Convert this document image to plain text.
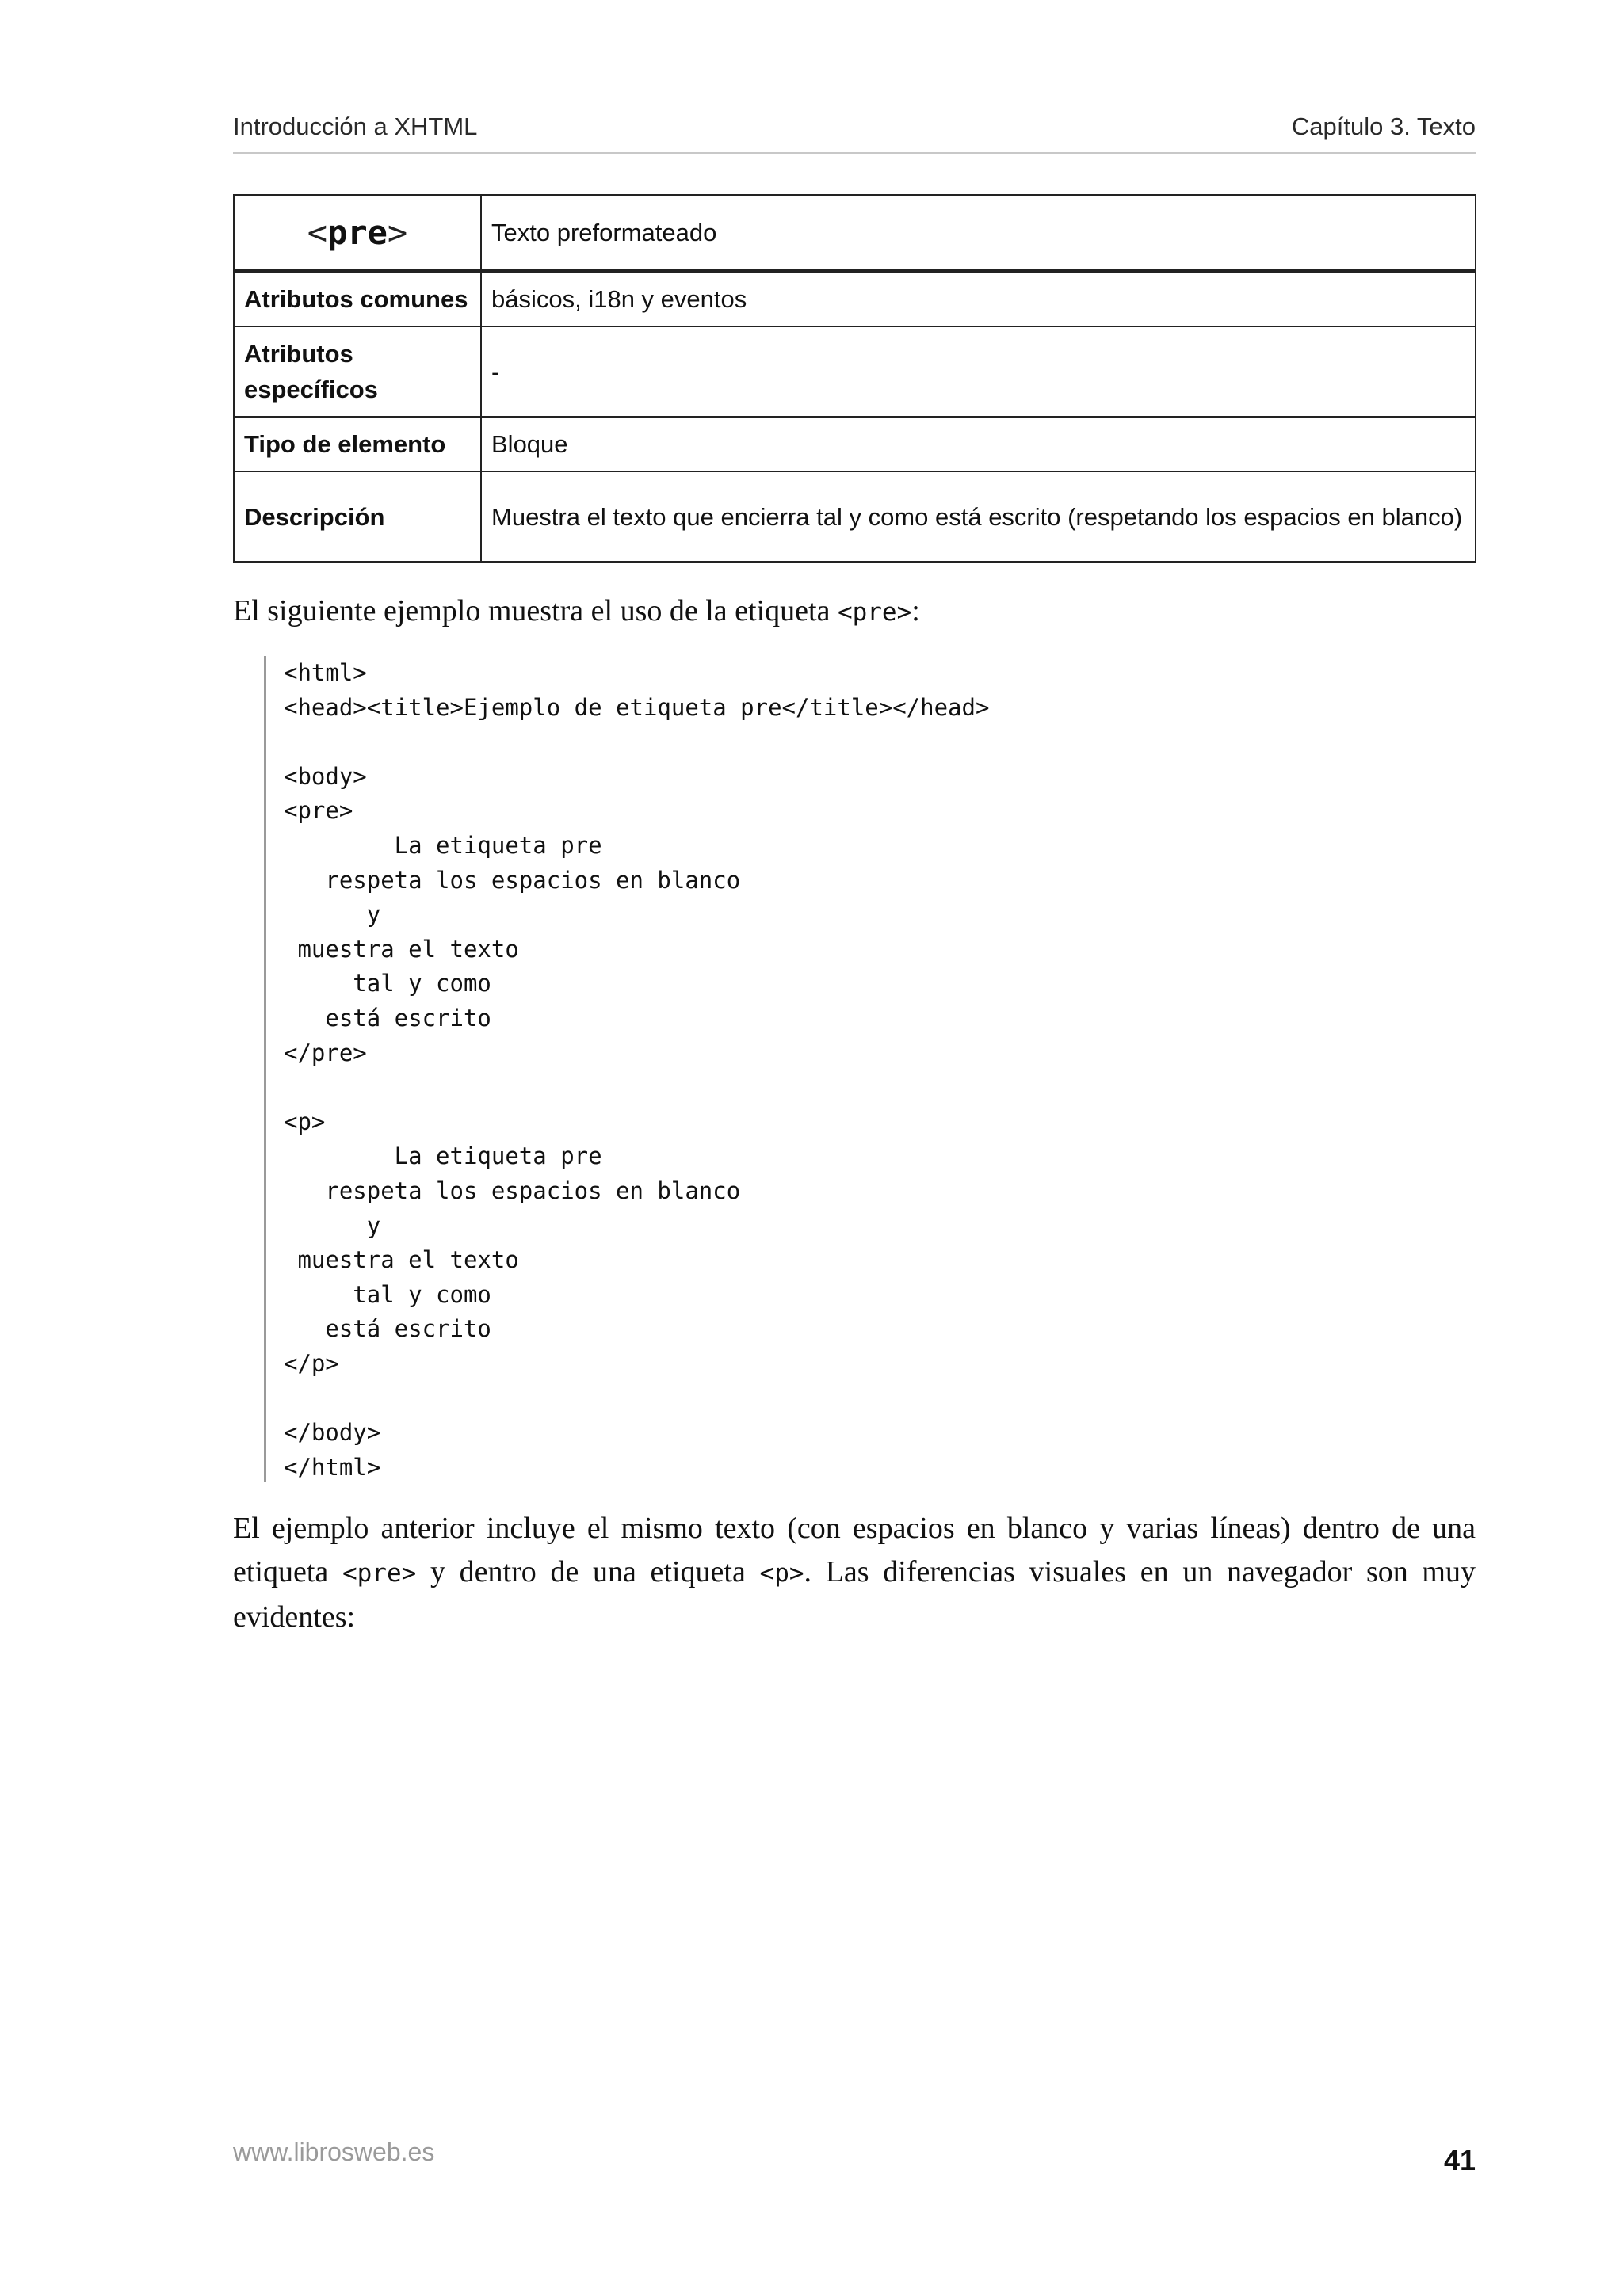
Introducción a XHTML	Capítulo 3. Texto
<pre>	Texto preformateado
Atributos comunes	básicos, i18n y eventos
Atributos específicos	-
Tipo de elemento	Bloque
Descripción	Muestra el texto que encierra tal y como está escrito (respetando los espacios en blanco)
El siguiente ejemplo muestra el uso de la etiqueta <pre>:
<html>
<head><title>Ejemplo de etiqueta pre</title></head>

<body>
<pre>
La etiqueta pre
respeta los espacios en blanco
y
muestra el texto
tal y como
está escrito
</pre>

<p>
La etiqueta pre
respeta los espacios en blanco
y
muestra el texto
tal y como
está escrito
</p>

</body>
</html>
El ejemplo anterior incluye el mismo texto (con espacios en blanco y varias líneas) dentro de una etiqueta <pre> y dentro de una etiqueta <p>. Las diferencias visuales en un navegador son muy evidentes:
www.librosweb.es	41
